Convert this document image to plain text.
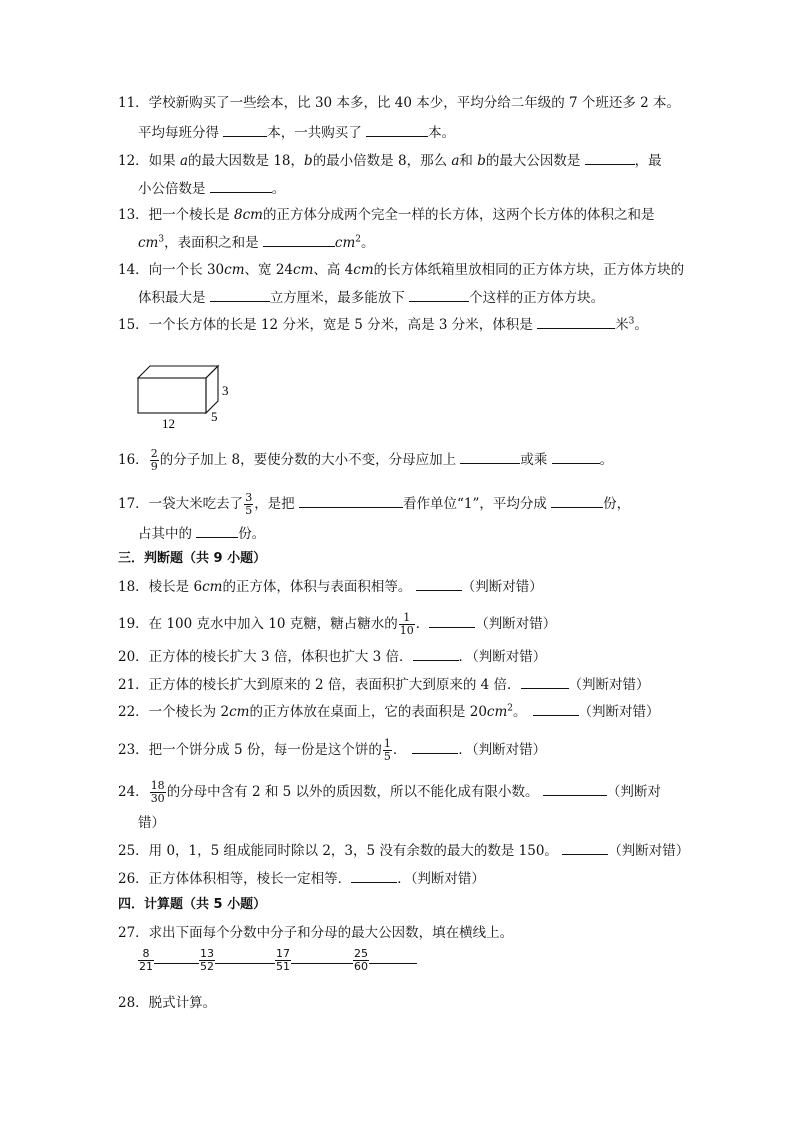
11．学校新购买了一些绘本，比 30 本多，比 40 本少，平均分给二年级的 7 个班还多 2 本。
平均每班分得	本，一共购买了	本。
12．如果 a的最大因数是 18，b的最小倍数是 8，那么 a和 b的最大公因数是	，最
小公倍数是	。
13．把一个棱长是 8cm的正方体分成两个完全一样的长方体，这两个长方体的体积之和是
$cm^3$，表面积之和是	$cm^2$。
14．向一个长 30cm、宽 24cm、高 4cm的长方体纸箱里放相同的正方体方块，正方体方块的
体积最大是	立方厘米，最多能放下	个这样的正方体方块。
15．一个长方体的长是 12 分米，宽是 5 分米，高是 3 分米，体积是	米$^3$。
3
5
12
16． $\frac{2}{9}$ 的分子加上 8，要使分数的大小不变，分母应加上	或乘	。
17．一袋大米吃去了 $\frac{3}{5}$ ，是把	看作单位“1”，平均分成	份，
占其中的	份。
三．判断题（共 9 小题）
18．棱长是 6cm的正方体，体积与表面积相等。	（判断对错）
19．在 100 克水中加入 10 克糖，糖占糖水的 $\frac{1}{10}$ ．	（判断对错）
20．正方体的棱长扩大 3 倍，体积也扩大 3 倍．	．（判断对错）
21．正方体的棱长扩大到原来的 2 倍，表面积扩大到原来的 4 倍．	（判断对错）
22．一个棱长为 2cm的正方体放在桌面上，它的表面积是 $20cm^2$。	（判断对错）
23．把一个饼分成 5 份，每一份是这个饼的 $\frac{1}{5}$ ．	．（判断对错）
24． $\frac{18}{30}$ 的分母中含有 2 和 5 以外的质因数，所以不能化成有限小数。	（判断对
错）
25．用 0，1，5 组成能同时除以 2，3，5 没有余数的最大的数是 150。	（判断对错）
26．正方体体积相等，棱长一定相等．	．（判断对错）
四．计算题（共 5 小题）
27．求出下面每个分数中分子和分母的最大公因数，填在横线上。
$\frac{8}{21}$	$\frac{13}{52}$	$\frac{17}{51}$	$\frac{25}{60}$
28．脱式计算。
